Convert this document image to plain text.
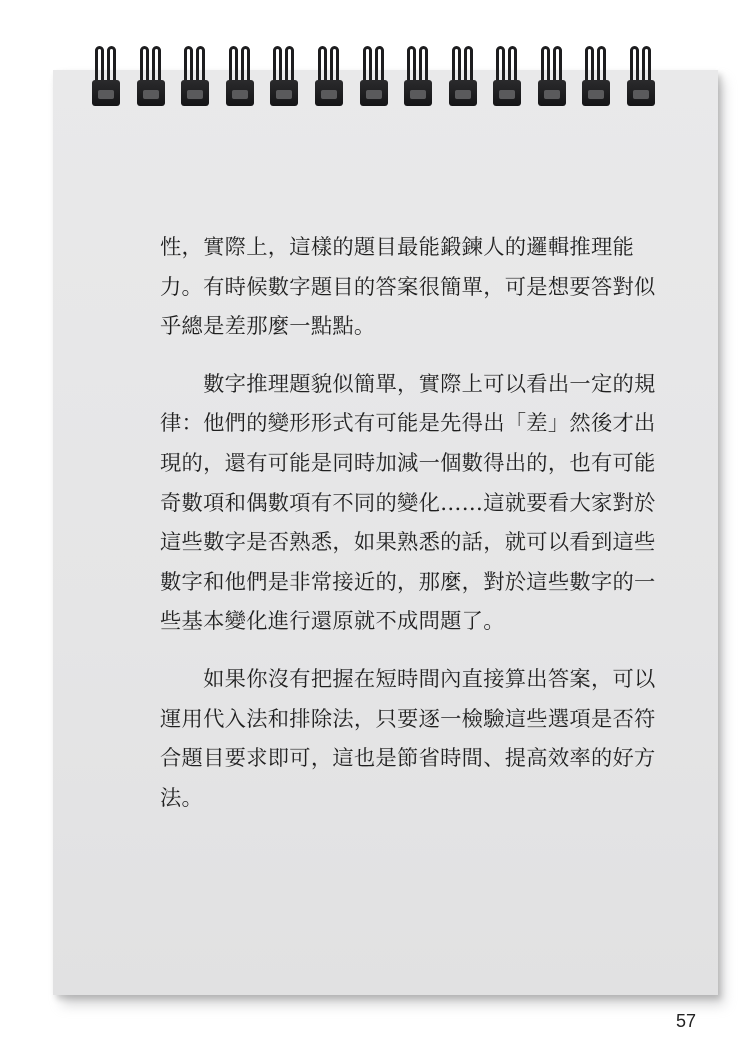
性，實際上，這樣的題目最能鍛鍊人的邏輯推理能力。有時候數字題目的答案很簡單，可是想要答對似乎總是差那麼一點點。

　　數字推理題貌似簡單，實際上可以看出一定的規律：他們的變形形式有可能是先得出「差」然後才出現的，還有可能是同時加減一個數得出的，也有可能奇數項和偶數項有不同的變化……這就要看大家對於這些數字是否熟悉，如果熟悉的話，就可以看到這些數字和他們是非常接近的，那麼，對於這些數字的一些基本變化進行還原就不成問題了。

　　如果你沒有把握在短時間內直接算出答案，可以運用代入法和排除法，只要逐一檢驗這些選項是否符合題目要求即可，這也是節省時間、提高效率的好方法。

57
